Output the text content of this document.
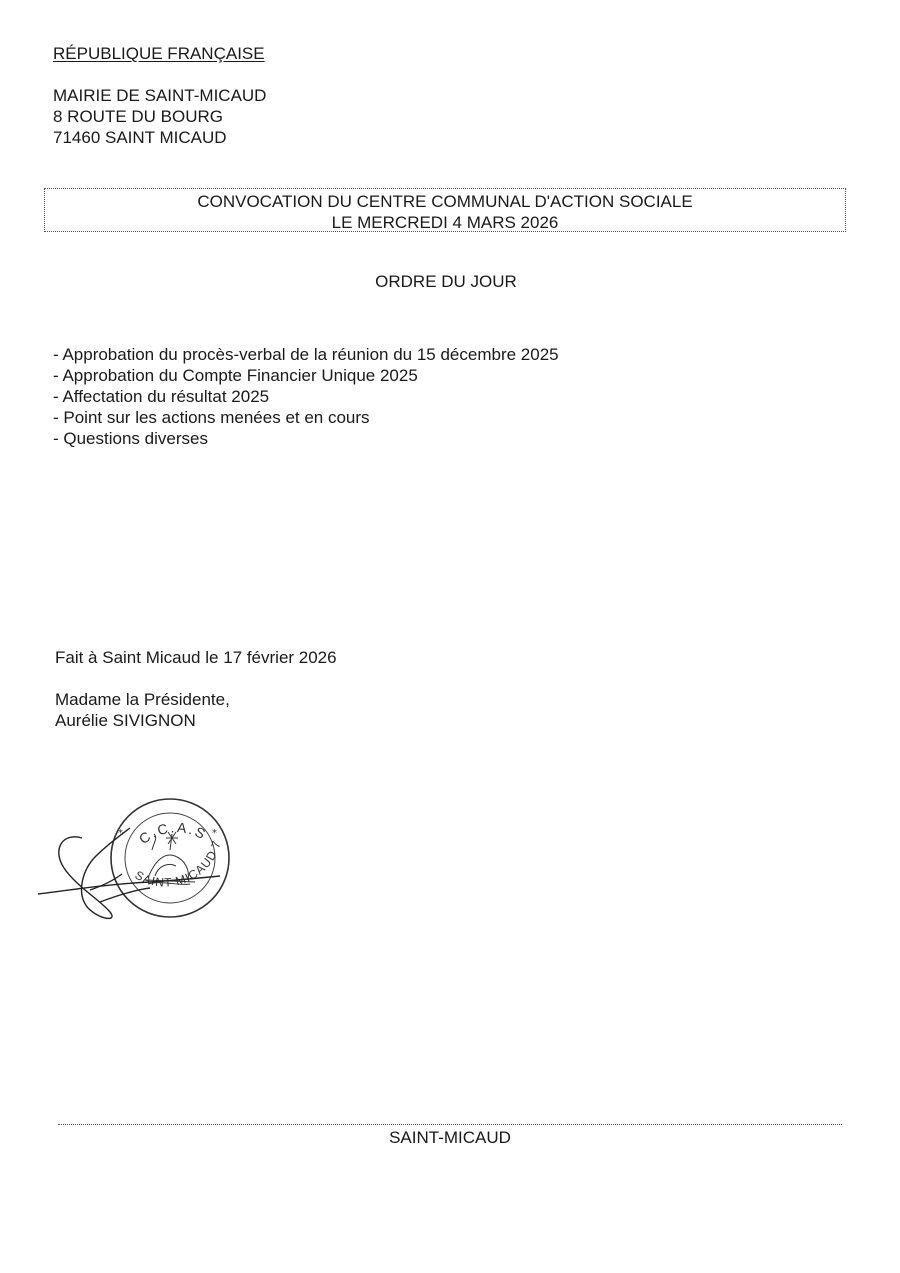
RÉPUBLIQUE FRANÇAISE
MAIRIE DE SAINT-MICAUD
8 ROUTE DU BOURG
71460 SAINT MICAUD
CONVOCATION DU CENTRE COMMUNAL D'ACTION SOCIALE
LE MERCREDI 4 MARS 2026
ORDRE DU JOUR
- Approbation du procès-verbal de la réunion du 15 décembre 2025
- Approbation du Compte Financier Unique 2025
- Affectation du résultat 2025
- Point sur les actions menées et en cours
- Questions diverses
Fait à Saint Micaud le 17 février 2026
Madame la Présidente,
Aurélie SIVIGNON
C.C.A.S
SAINT MICAUD 7
*	*
SAINT-MICAUD
